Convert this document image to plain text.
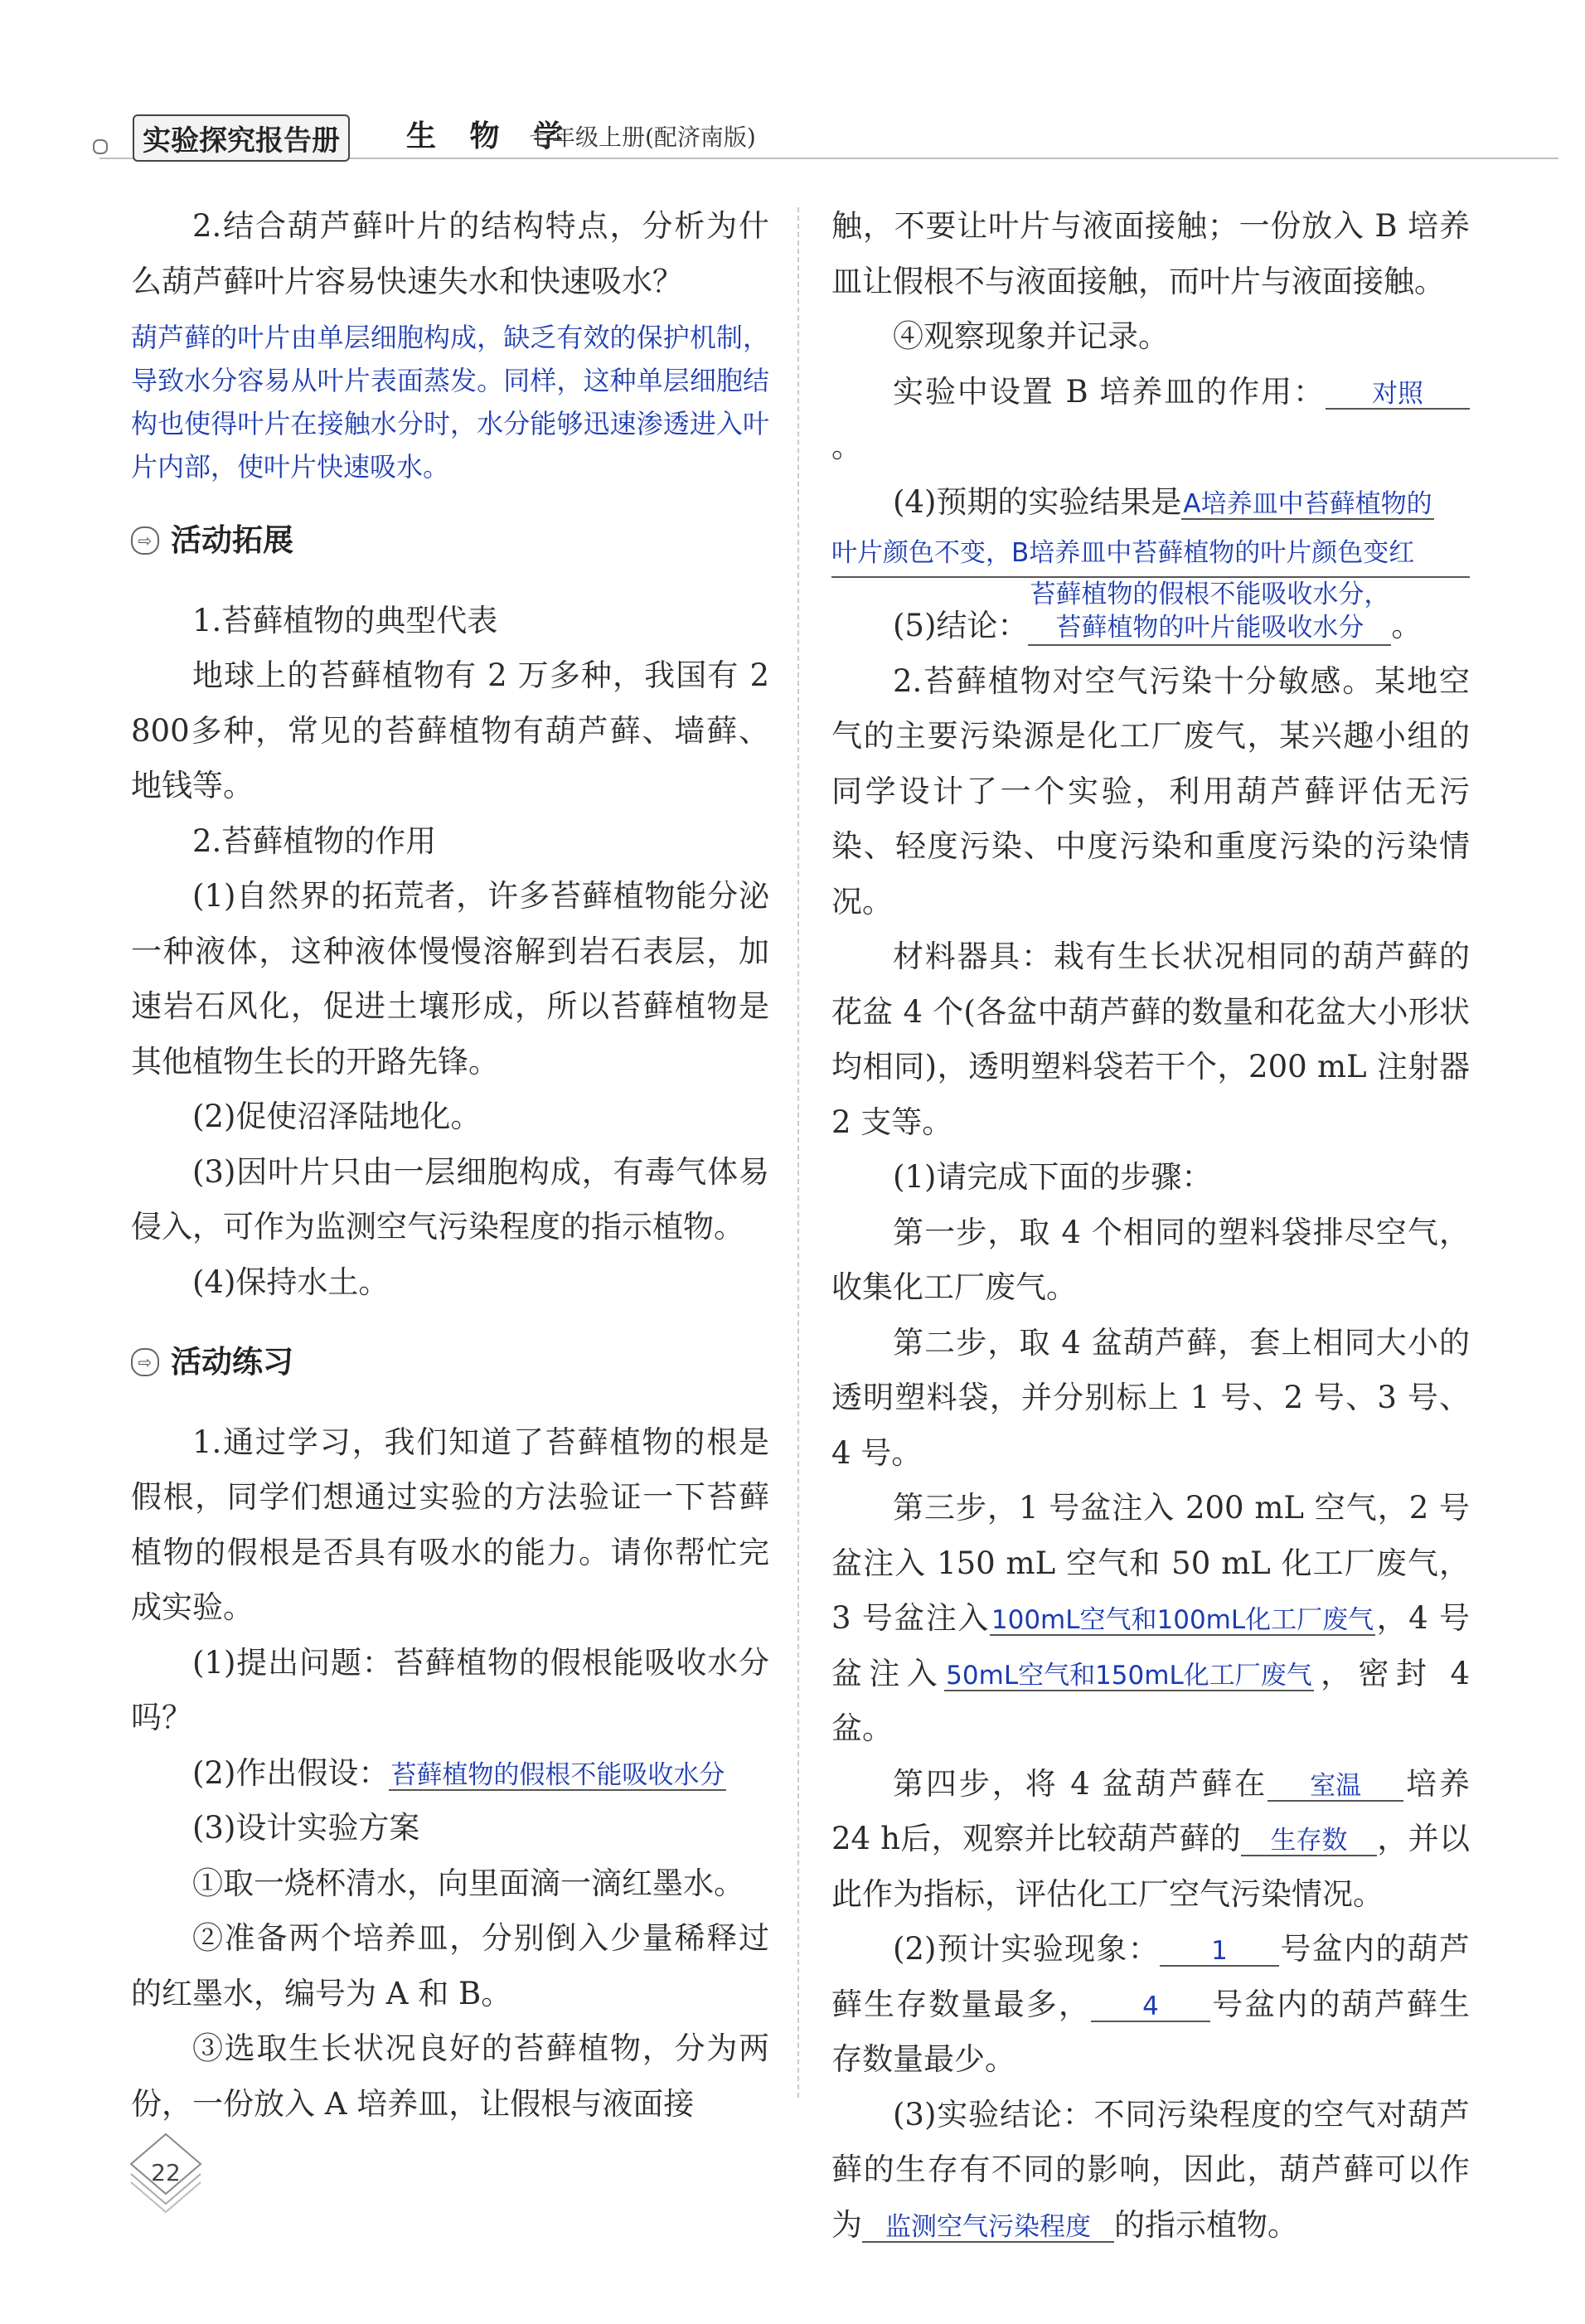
实验探究报告册	生 物 学
七年级上册(配济南版)

2.结合葫芦藓叶片的结构特点，分析为什么葫芦藓叶片容易快速失水和快速吸水？

葫芦藓的叶片由单层细胞构成，缺乏有效的保护机制，导致水分容易从叶片表面蒸发。同样，这种单层细胞结构也使得叶片在接触水分时，水分能够迅速渗透进入叶片内部，使叶片快速吸水。

⇨ 活动拓展

1.苔藓植物的典型代表

地球上的苔藓植物有 2 万多种，我国有 2 800多种，常见的苔藓植物有葫芦藓、墙藓、地钱等。

2.苔藓植物的作用

(1)自然界的拓荒者，许多苔藓植物能分泌一种液体，这种液体慢慢溶解到岩石表层，加速岩石风化，促进土壤形成，所以苔藓植物是其他植物生长的开路先锋。

(2)促使沼泽陆地化。

(3)因叶片只由一层细胞构成，有毒气体易侵入，可作为监测空气污染程度的指示植物。

(4)保持水土。

⇨ 活动练习

1.通过学习，我们知道了苔藓植物的根是假根，同学们想通过实验的方法验证一下苔藓植物的假根是否具有吸水的能力。请你帮忙完成实验。

(1)提出问题：苔藓植物的假根能吸收水分吗？

(2)作出假设：苔藓植物的假根不能吸收水分

(3)设计实验方案

①取一烧杯清水，向里面滴一滴红墨水。

②准备两个培养皿，分别倒入少量稀释过的红墨水，编号为 A 和 B。

③选取生长状况良好的苔藓植物，分为两份，一份放入 A 培养皿，让假根与液面接

触，不要让叶片与液面接触；一份放入 B 培养皿让假根不与液面接触，而叶片与液面接触。

④观察现象并记录。

实验中设置 B 培养皿的作用： 对照。

(4)预期的实验结果是A培养皿中苔藓植物的

叶片颜色不变，B培养皿中苔藓植物的叶片颜色变红

(5)结论：苔藓植物的假根不能吸收水分，
苔藓植物的叶片能吸收水分 。

2.苔藓植物对空气污染十分敏感。某地空气的主要污染源是化工厂废气，某兴趣小组的同学设计了一个实验，利用葫芦藓评估无污染、轻度污染、中度污染和重度污染的污染情况。

材料器具：栽有生长状况相同的葫芦藓的花盆 4 个(各盆中葫芦藓的数量和花盆大小形状均相同)，透明塑料袋若干个，200 mL 注射器 2 支等。

(1)请完成下面的步骤：

第一步，取 4 个相同的塑料袋排尽空气，收集化工厂废气。

第二步，取 4 盆葫芦藓，套上相同大小的透明塑料袋，并分别标上 1 号、2 号、3 号、4 号。

第三步，1 号盆注入 200 mL 空气，2 号盆注入 150 mL 空气和 50 mL 化工厂废气，3 号盆注入100mL空气和100mL化工厂废气，4 号盆注入50mL空气和150mL化工厂废气，密封 4 盆。

第四步，将 4 盆葫芦藓在 室温 培养 24 h后，观察并比较葫芦藓的 生存数 ，并以此作为指标，评估化工厂空气污染情况。

(2)预计实验现象： 1 号盆内的葫芦藓生存数量最多， 4 号盆内的葫芦藓生存数量最少。

(3)实验结论：不同污染程度的空气对葫芦藓的生存有不同的影响，因此，葫芦藓可以作为 监测空气污染程度 的指示植物。

22
